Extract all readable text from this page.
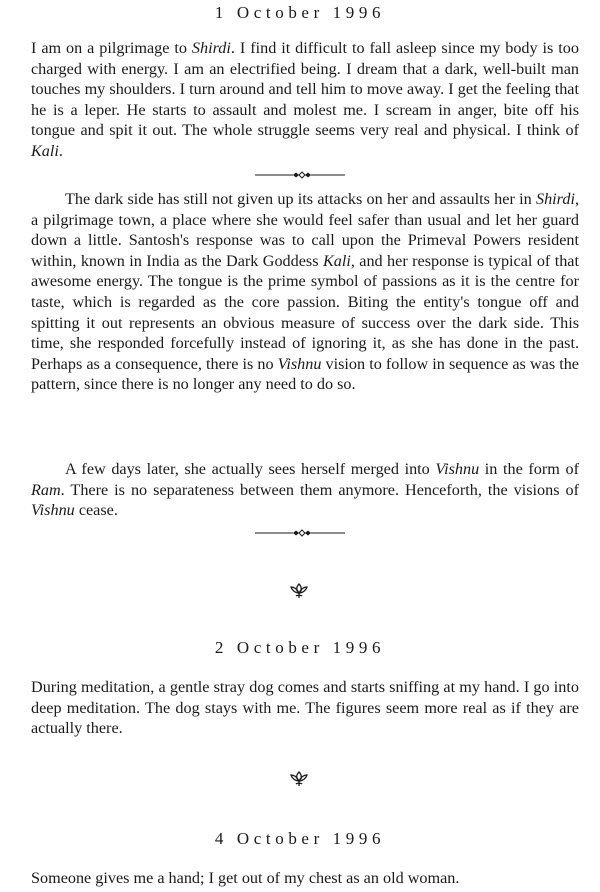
1 October 1996

I am on a pilgrimage to Shirdi. I find it difficult to fall asleep since my body is too charged with energy. I am an electrified being. I dream that a dark, well-built man touches my shoulders. I turn around and tell him to move away. I get the feeling that he is a leper. He starts to assault and molest me. I scream in anger, bite off his tongue and spit it out. The whole struggle seems very real and physical. I think of Kali.

The dark side has still not given up its attacks on her and assaults her in Shirdi, a pilgrimage town, a place where she would feel safer than usual and let her guard down a little. Santosh's response was to call upon the Primeval Powers resident within, known in India as the Dark Goddess Kali, and her response is typical of that awesome energy. The tongue is the prime symbol of passions as it is the centre for taste, which is regarded as the core passion. Biting the entity's tongue off and spitting it out represents an obvious measure of success over the dark side. This time, she responded forcefully instead of ignoring it, as she has done in the past. Perhaps as a consequence, there is no Vishnu vision to follow in sequence as was the pattern, since there is no longer any need to do so.

A few days later, she actually sees herself merged into Vishnu in the form of Ram. There is no separateness between them anymore. Henceforth, the visions of Vishnu cease.

2 October 1996

During meditation, a gentle stray dog comes and starts sniffing at my hand. I go into deep meditation. The dog stays with me. The figures seem more real as if they are actually there.

4 October 1996

Someone gives me a hand; I get out of my chest as an old woman.
